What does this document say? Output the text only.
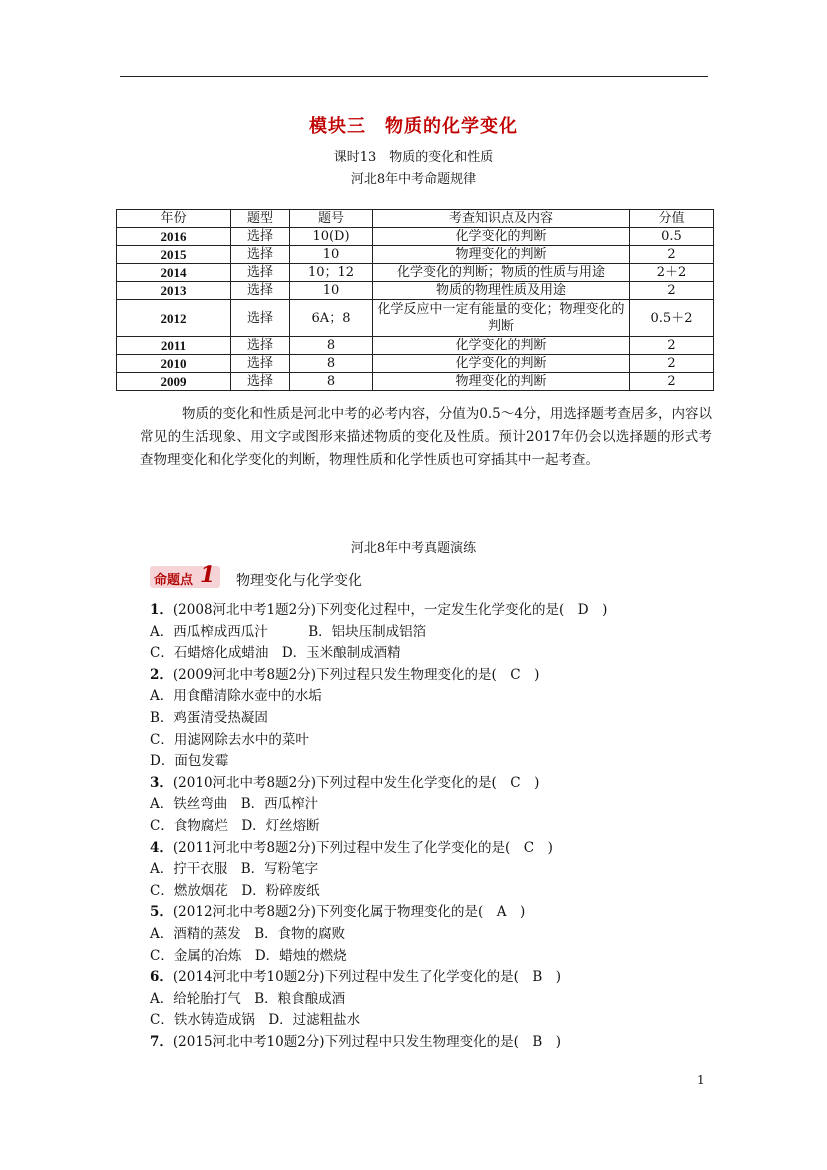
模块三　物质的化学变化
课时13　物质的变化和性质
河北8年中考命题规律
年份	题型	题号	考查知识点及内容	分值
2016	选择	10(D)	化学变化的判断	0.5
2015	选择	10	物理变化的判断	2
2014	选择	10；12	化学变化的判断；物质的性质与用途	2＋2
2013	选择	10	物质的物理性质及用途	2
2012	选择	6A；8	化学反应中一定有能量的变化；物理变化的判断	0.5＋2
2011	选择	8	化学变化的判断	2
2010	选择	8	化学变化的判断	2
2009	选择	8	物理变化的判断	2
物质的变化和性质是河北中考的必考内容，分值为0.5～4分，用选择题考查居多，内容以常见的生活现象、用文字或图形来描述物质的变化及性质。预计2017年仍会以选择题的形式考查物理变化和化学变化的判断，物理性质和化学性质也可穿插其中一起考查。
河北8年中考真题演练
命题点 1 物理变化与化学变化
1．(2008河北中考1题2分)下列变化过程中，一定发生化学变化的是(　D　)
A．西瓜榨成西瓜汁　　　B．铝块压制成铝箔
C．石蜡熔化成蜡油　D．玉米酿制成酒精
2．(2009河北中考8题2分)下列过程只发生物理变化的是(　C　)
A．用食醋清除水壶中的水垢
B．鸡蛋清受热凝固
C．用滤网除去水中的菜叶
D．面包发霉
3．(2010河北中考8题2分)下列过程中发生化学变化的是(　C　)
A．铁丝弯曲　B．西瓜榨汁
C．食物腐烂　D．灯丝熔断
4．(2011河北中考8题2分)下列过程中发生了化学变化的是(　C　)
A．拧干衣服　B．写粉笔字
C．燃放烟花　D．粉碎废纸
5．(2012河北中考8题2分)下列变化属于物理变化的是(　A　)
A．酒精的蒸发　B．食物的腐败
C．金属的冶炼　D．蜡烛的燃烧
6．(2014河北中考10题2分)下列过程中发生了化学变化的是(　B　)
A．给轮胎打气　B．粮食酿成酒
C．铁水铸造成锅　D．过滤粗盐水
7．(2015河北中考10题2分)下列过程中只发生物理变化的是(　B　)
1
